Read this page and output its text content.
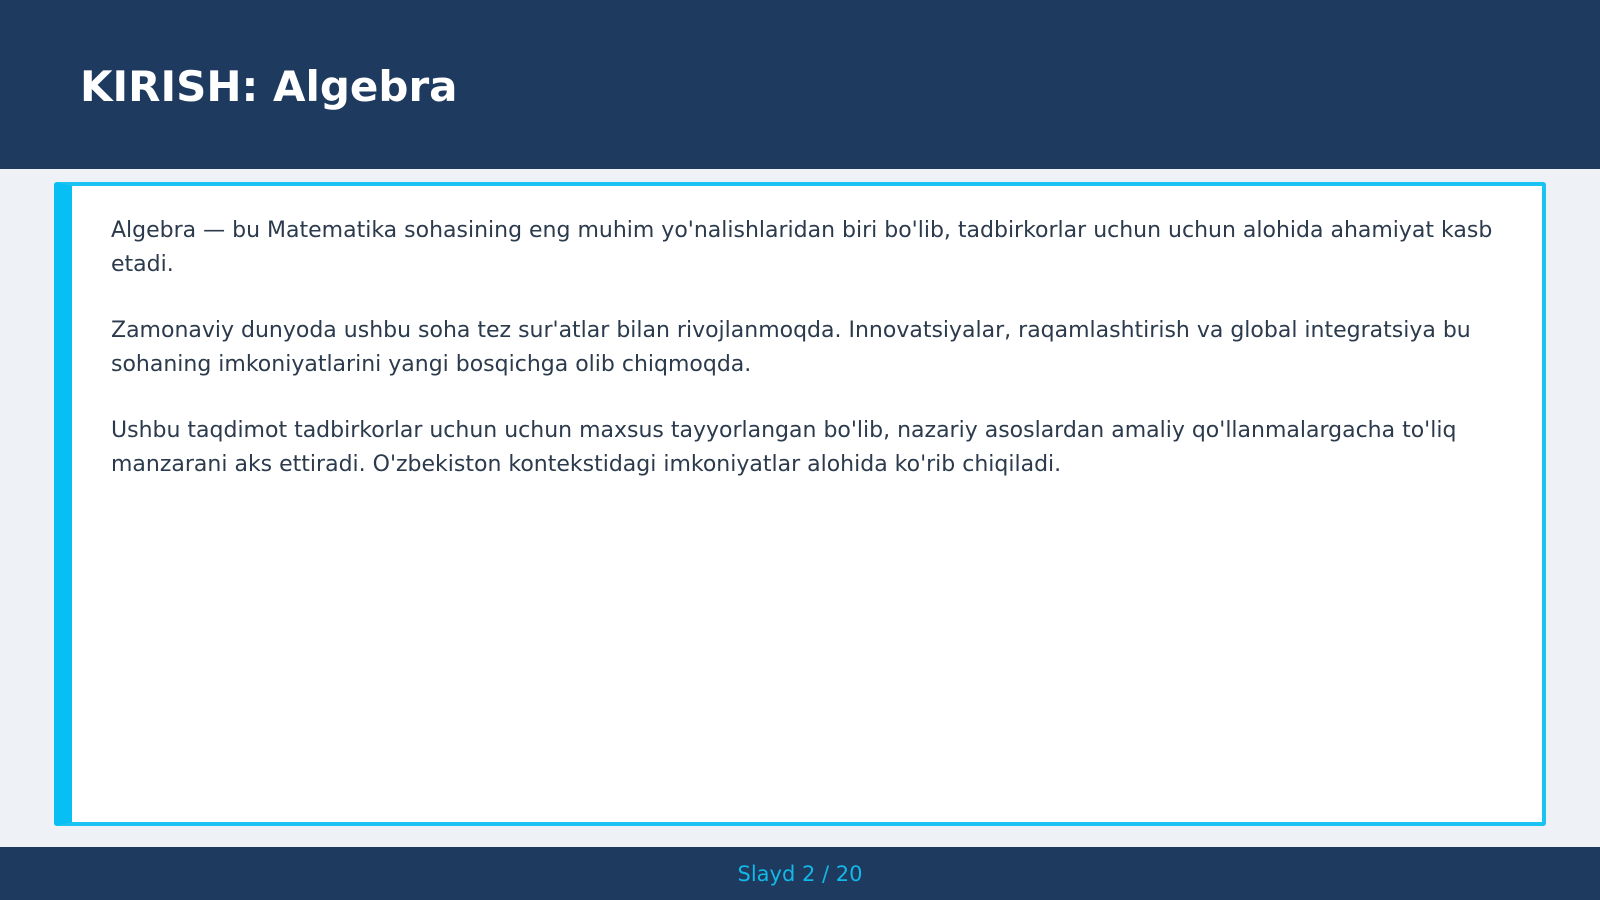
KIRISH: Algebra

Algebra — bu Matematika sohasining eng muhim yo'nalishlaridan biri bo'lib, tadbirkorlar uchun uchun alohida ahamiyat kasb etadi.

Zamonaviy dunyoda ushbu soha tez sur'atlar bilan rivojlanmoqda. Innovatsiyalar, raqamlashtirish va global integratsiya bu sohaning imkoniyatlarini yangi bosqichga olib chiqmoqda.

Ushbu taqdimot tadbirkorlar uchun uchun maxsus tayyorlangan bo'lib, nazariy asoslardan amaliy qo'llanmalargacha to'liq manzarani aks ettiradi. O'zbekiston kontekstidagi imkoniyatlar alohida ko'rib chiqiladi.

Slayd 2 / 20
